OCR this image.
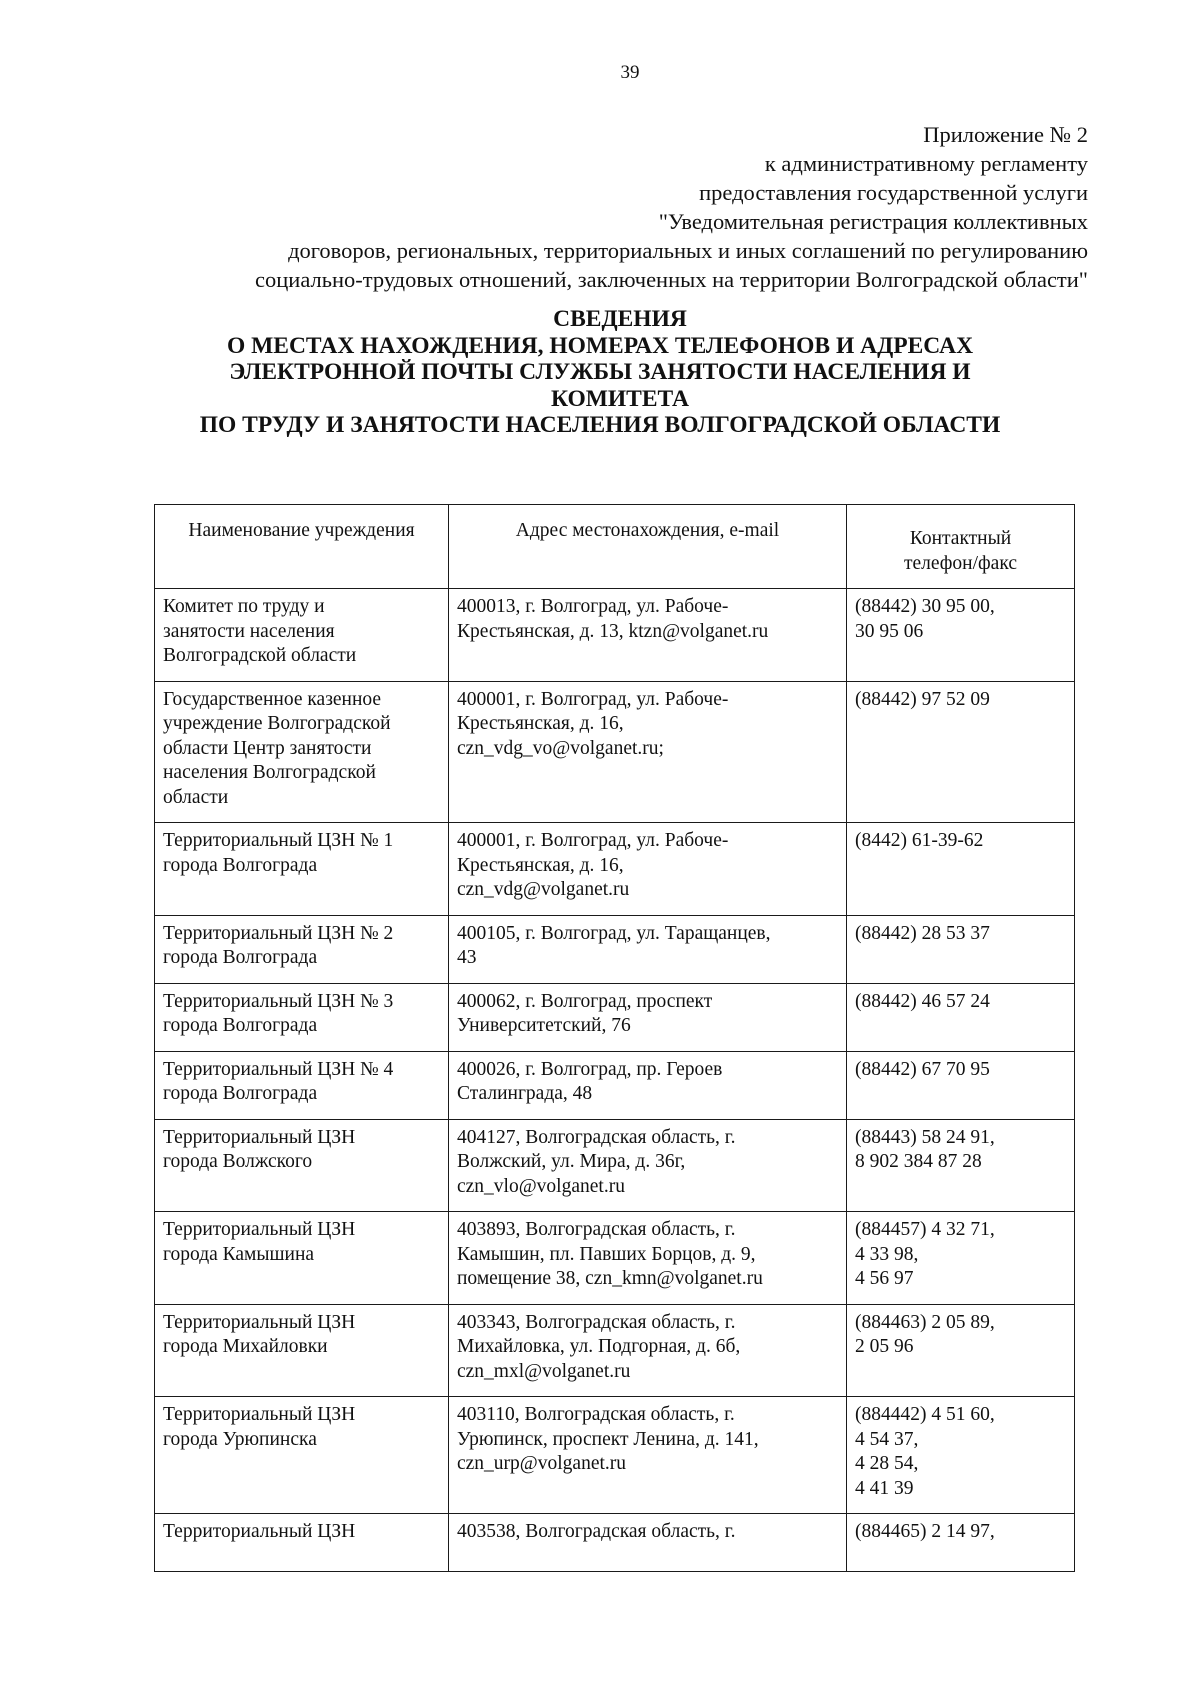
39
Приложение № 2
к административному регламенту
предоставления государственной услуги
"Уведомительная регистрация коллективных
договоров, региональных, территориальных и иных соглашений по регулированию
социально-трудовых отношений, заключенных на территории Волгоградской области"
СВЕДЕНИЯ
О МЕСТАХ НАХОЖДЕНИЯ, НОМЕРАХ ТЕЛЕФОНОВ И АДРЕСАХ
ЭЛЕКТРОННОЙ ПОЧТЫ СЛУЖБЫ ЗАНЯТОСТИ НАСЕЛЕНИЯ И
КОМИТЕТА
ПО ТРУДУ И ЗАНЯТОСТИ НАСЕЛЕНИЯ ВОЛГОГРАДСКОЙ ОБЛАСТИ
Наименование учреждения	Адрес местонахождения, e-mail	Контактный
телефон/факс

Комитет по труду и
занятости населения
Волгоградской области	400013, г. Волгоград, ул. Рабоче-
Крестьянская, д. 13, ktzn@volganet.ru	(88442) 30 95 00,
30 95 06

Государственное казенное
учреждение Волгоградской
области Центр занятости
населения Волгоградской
области	400001, г. Волгоград, ул. Рабоче-
Крестьянская, д. 16,
czn_vdg_vo@volganet.ru;	(88442) 97 52 09

Территориальный ЦЗН № 1
города Волгограда	400001, г. Волгоград, ул. Рабоче-
Крестьянская, д. 16,
czn_vdg@volganet.ru	(8442) 61-39-62

Территориальный ЦЗН № 2
города Волгограда	400105, г. Волгоград, ул. Таращанцев,
43	(88442) 28 53 37

Территориальный ЦЗН № 3
города Волгограда	400062, г. Волгоград, проспект
Университетский, 76	(88442) 46 57 24

Территориальный ЦЗН № 4
города Волгограда	400026, г. Волгоград, пр. Героев
Сталинграда, 48	(88442) 67 70 95

Территориальный ЦЗН
города Волжского	404127, Волгоградская область, г.
Волжский, ул. Мира, д. 36г,
czn_vlo@volganet.ru	(88443) 58 24 91,
8 902 384 87 28

Территориальный ЦЗН
города Камышина	403893, Волгоградская область, г.
Камышин, пл. Павших Борцов, д. 9,
помещение 38, czn_kmn@volganet.ru	(884457) 4 32 71,
4 33 98,
4 56 97

Территориальный ЦЗН
города Михайловки	403343, Волгоградская область, г.
Михайловка, ул. Подгорная, д. 6б,
czn_mxl@volganet.ru	(884463) 2 05 89,
2 05 96

Территориальный ЦЗН
города Урюпинска	403110, Волгоградская область, г.
Урюпинск, проспект Ленина, д. 141,
czn_urp@volganet.ru	(884442) 4 51 60,
4 54 37,
4 28 54,
4 41 39

Территориальный ЦЗН	403538, Волгоградская область, г.	(884465) 2 14 97,
